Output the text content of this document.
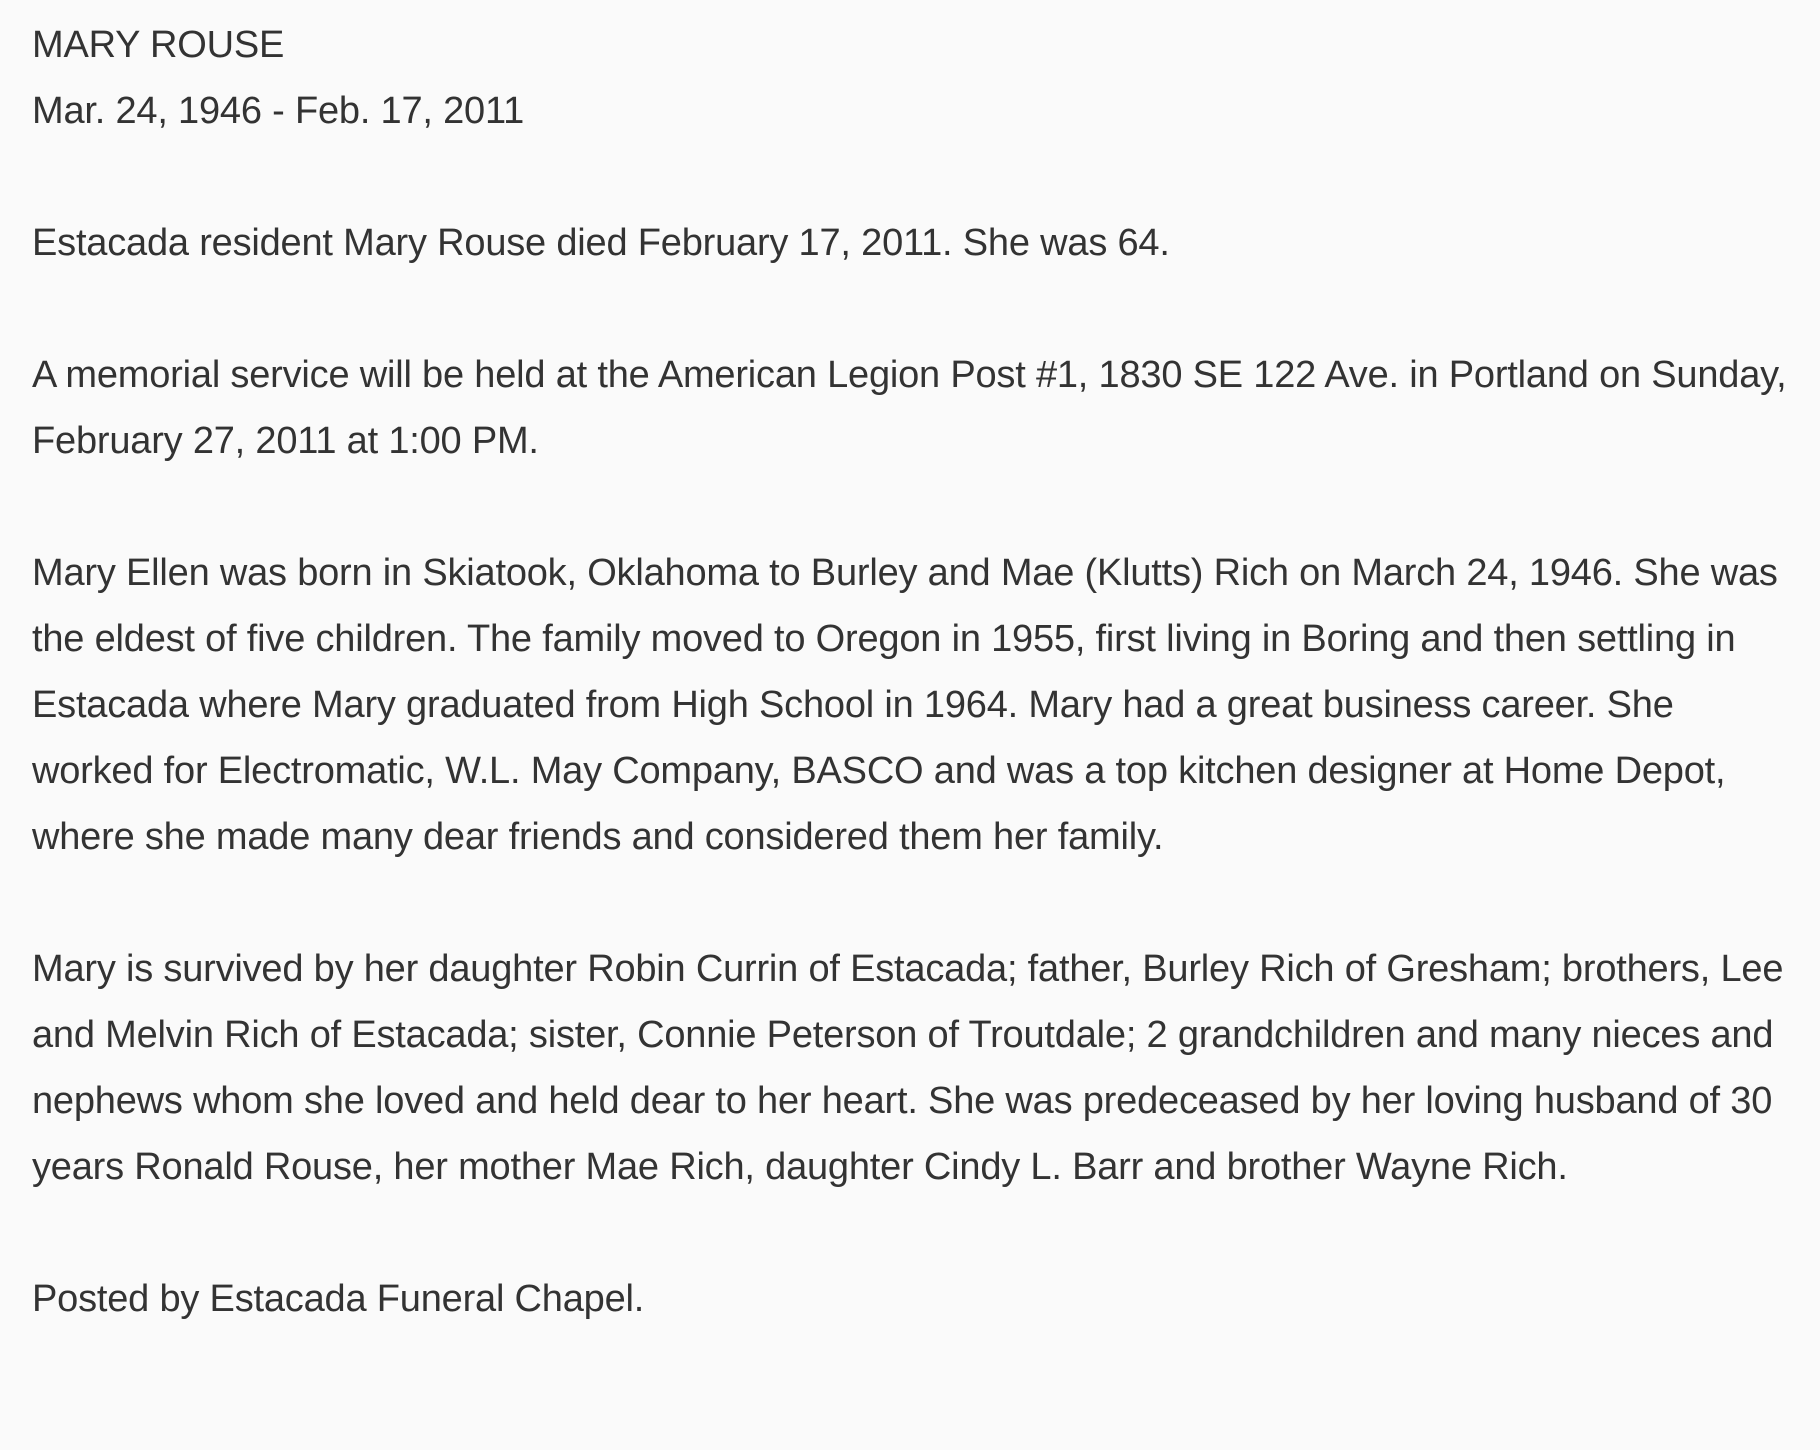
MARY ROUSE

Mar. 24, 1946 - Feb. 17, 2011

Estacada resident Mary Rouse died February 17, 2011. She was 64.

A memorial service will be held at the American Legion Post #1, 1830 SE 122 Ave. in Portland on Sunday, February 27, 2011 at 1:00 PM.

Mary Ellen was born in Skiatook, Oklahoma to Burley and Mae (Klutts) Rich on March 24, 1946. She was the eldest of five children. The family moved to Oregon in 1955, first living in Boring and then settling in Estacada where Mary graduated from High School in 1964. Mary had a great business career. She worked for Electromatic, W.L. May Company, BASCO and was a top kitchen designer at Home Depot, where she made many dear friends and considered them her family.

Mary is survived by her daughter Robin Currin of Estacada; father, Burley Rich of Gresham; brothers, Lee and Melvin Rich of Estacada; sister, Connie Peterson of Troutdale; 2 grandchildren and many nieces and nephews whom she loved and held dear to her heart. She was predeceased by her loving husband of 30 years Ronald Rouse, her mother Mae Rich, daughter Cindy L. Barr and brother Wayne Rich.

Posted by Estacada Funeral Chapel.
